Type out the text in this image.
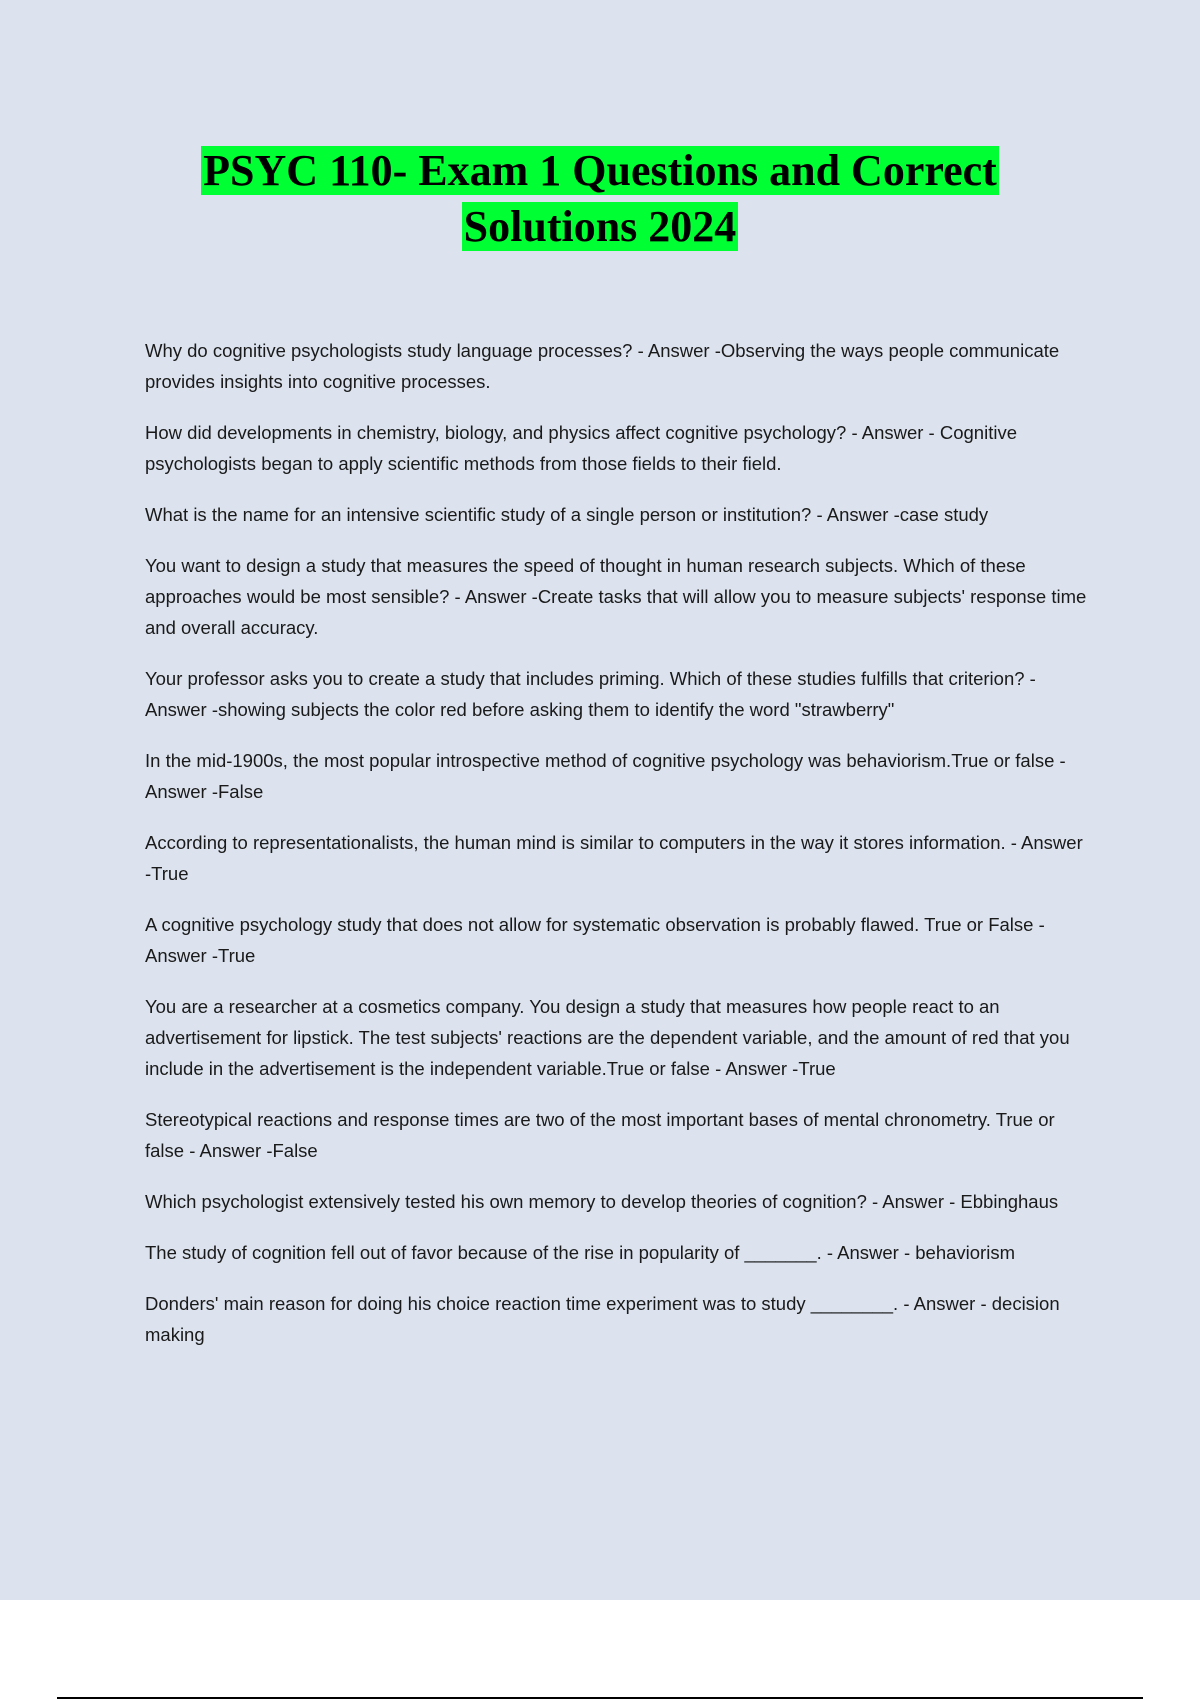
PSYC 110- Exam 1 Questions and Correct
Solutions 2024
Why do cognitive psychologists study language processes? - Answer -Observing the ways people communicate provides insights into cognitive processes.
How did developments in chemistry, biology, and physics affect cognitive psychology? - Answer - Cognitive psychologists began to apply scientific methods from those fields to their field.
What is the name for an intensive scientific study of a single person or institution? - Answer -case study
You want to design a study that measures the speed of thought in human research subjects. Which of these approaches would be most sensible? - Answer -Create tasks that will allow you to measure subjects' response time and overall accuracy.
Your professor asks you to create a study that includes priming. Which of these studies fulfills that criterion? - Answer -showing subjects the color red before asking them to identify the word "strawberry"
In the mid-1900s, the most popular introspective method of cognitive psychology was behaviorism.True or false - Answer -False
According to representationalists, the human mind is similar to computers in the way it stores information. - Answer -True
A cognitive psychology study that does not allow for systematic observation is probably flawed. True or False - Answer -True
You are a researcher at a cosmetics company. You design a study that measures how people react to an advertisement for lipstick. The test subjects' reactions are the dependent variable, and the amount of red that you include in the advertisement is the independent variable.True or false - Answer -True
Stereotypical reactions and response times are two of the most important bases of mental chronometry. True or false - Answer -False
Which psychologist extensively tested his own memory to develop theories of cognition? - Answer - Ebbinghaus
The study of cognition fell out of favor because of the rise in popularity of _______. - Answer - behaviorism
Donders' main reason for doing his choice reaction time experiment was to study ________. - Answer - decision making
